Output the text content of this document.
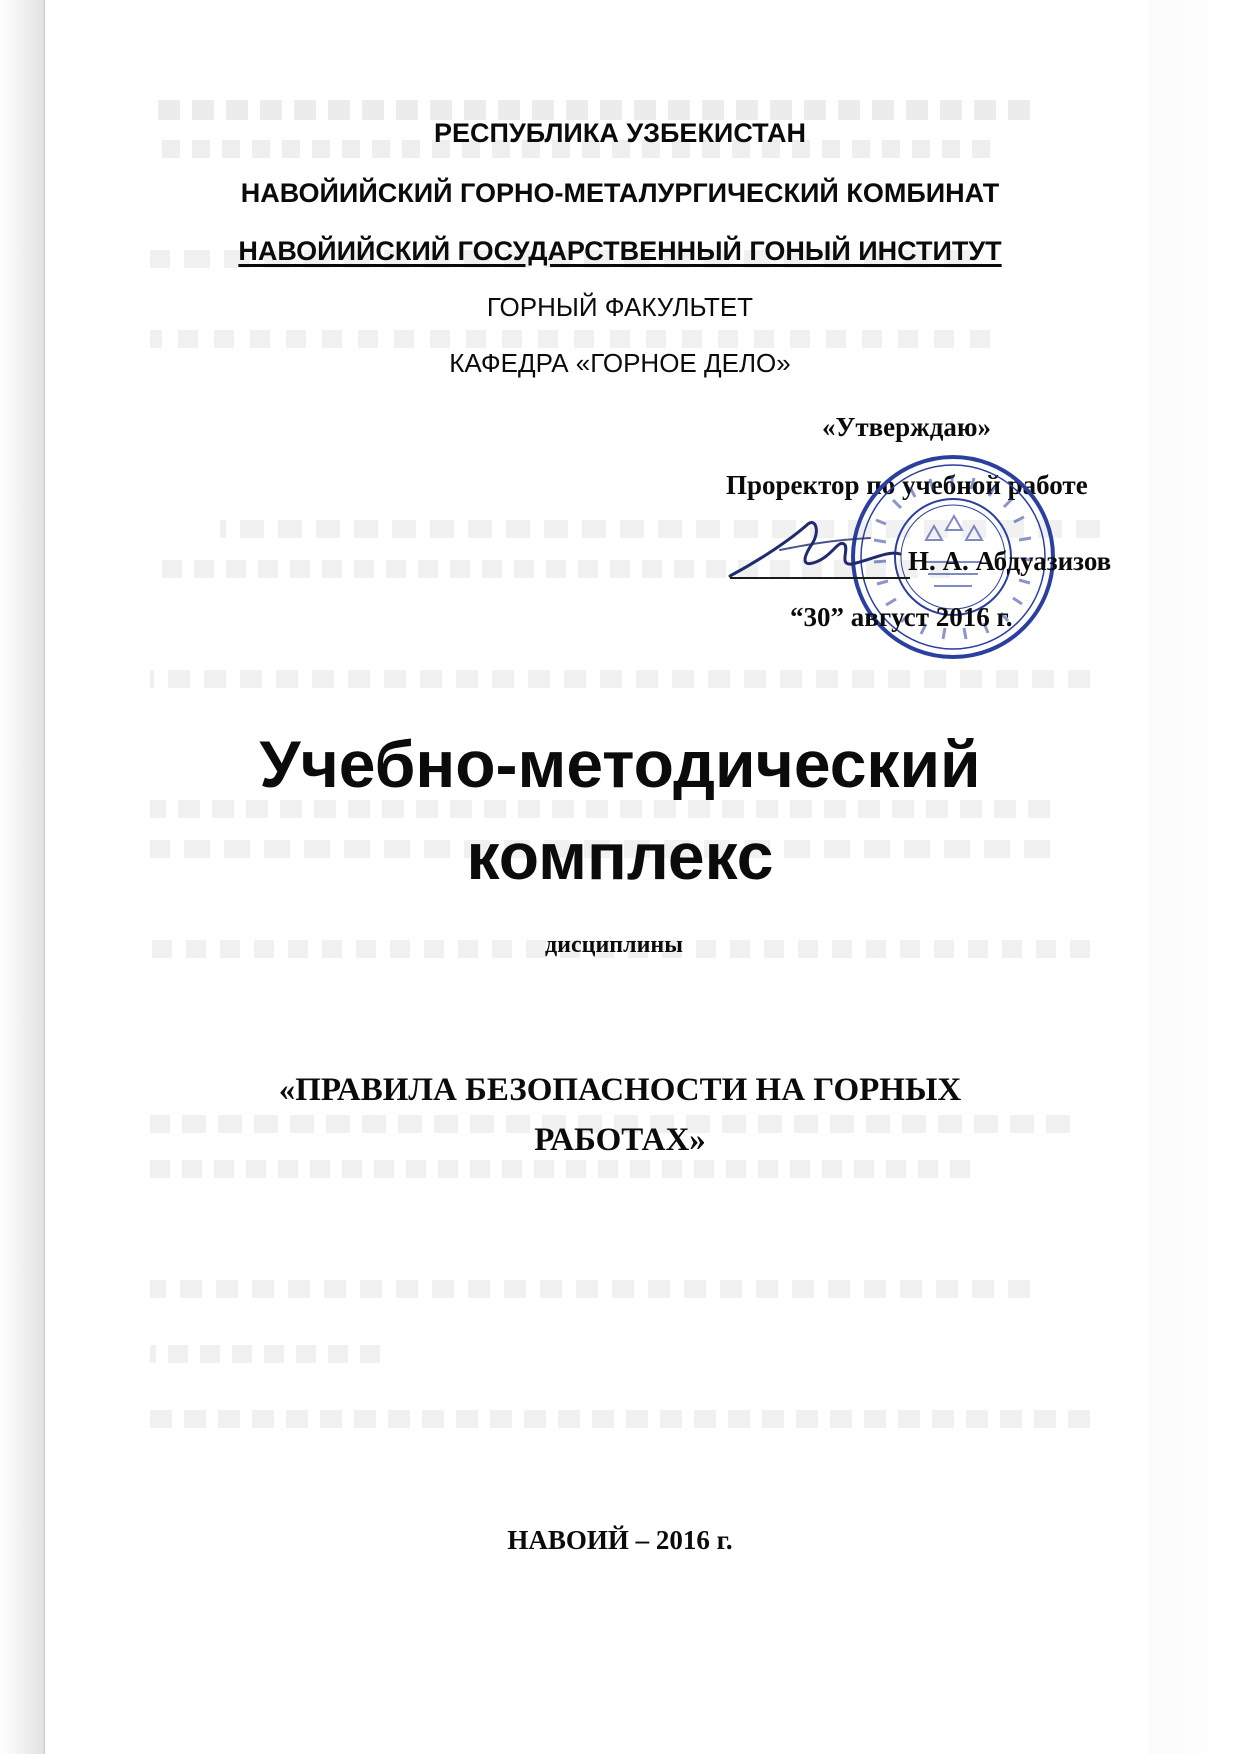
РЕСПУБЛИКА УЗБЕКИСТАН
НАВОЙИЙСКИЙ ГОРНО-МЕТАЛУРГИЧЕСКИЙ КОМБИНАТ
НАВОЙИЙСКИЙ ГОСУДАРСТВЕННЫЙ ГОНЫЙ ИНСТИТУТ
ГОРНЫЙ ФАКУЛЬТЕТ
КАФЕДРА «ГОРНОЕ ДЕЛО»
«Утверждаю»
Проректор по учебной работе
Н. А. Абдуазизов
“30” август 2016 г.
Учебно-методический
комплекс
дисциплины
«ПРАВИЛА БЕЗОПАСНОСТИ НА ГОРНЫХ
РАБОТАХ»
НАВОИЙ – 2016 г.
